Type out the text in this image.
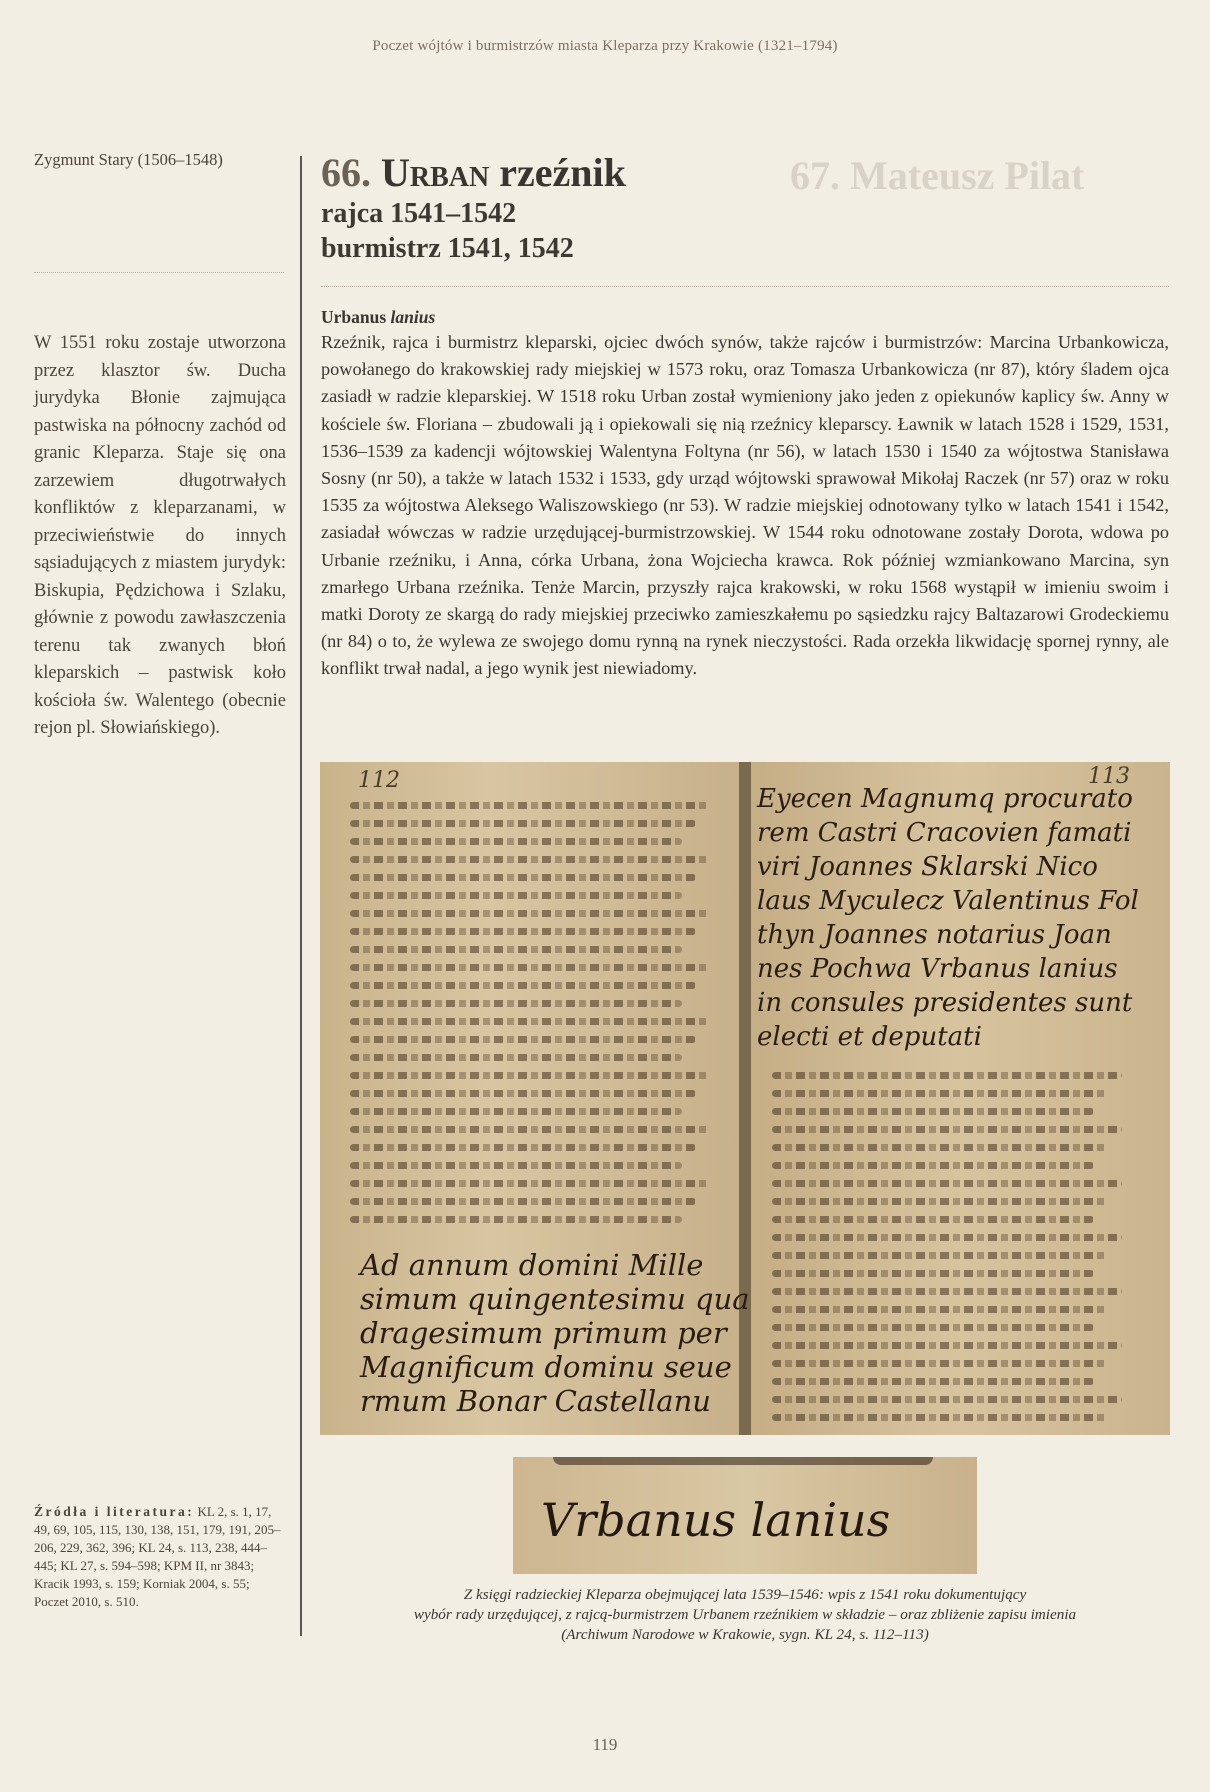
Poczet wójtów i burmistrzów miasta Kleparza przy Krakowie (1321–1794)
67. Mateusz Pilat
Zygmunt Stary (1506–1548)
W 1551 roku zostaje utworzona przez klasztor św. Ducha jurydyka Błonie zajmująca pastwiska na północny zachód od granic Kleparza. Staje się ona zarzewiem długotrwałych konfliktów z kleparzanami, w przeciwieństwie do innych sąsiadujących z miastem jurydyk: Biskupia, Pędzichowa i Szlaku, głównie z powodu zawłaszczenia terenu tak zwanych błoń kleparskich – pastwisk koło kościoła św. Walentego (obecnie rejon pl. Słowiańskiego).
Źródła i literatura: KL 2, s. 1, 17, 49, 69, 105, 115, 130, 138, 151, 179, 191, 205–206, 229, 362, 396; KL 24, s. 113, 238, 444–445; KL 27, s. 594–598; KPM II, nr 3843; Kracik 1993, s. 159; Korniak 2004, s. 55; Poczet 2010, s. 510.
66. Urban rzeźnik
rajca 1541–1542
burmistrz 1541, 1542
Urbanus lanius
Rzeźnik, rajca i burmistrz kleparski, ojciec dwóch synów, także rajców i burmistrzów: Marcina Urbankowicza, powołanego do krakowskiej rady miejskiej w 1573 roku, oraz Tomasza Urbankowicza (nr 87), który śladem ojca zasiadł w radzie kleparskiej. W 1518 roku Urban został wymieniony jako jeden z opiekunów kaplicy św. Anny w kościele św. Floriana – zbudowali ją i opiekowali się nią rzeźnicy kleparscy. Ławnik w latach 1528 i 1529, 1531, 1536–1539 za kadencji wójtowskiej Walentyna Foltyna (nr 56), w latach 1530 i 1540 za wójtostwa Stanisława Sosny (nr 50), a także w latach 1532 i 1533, gdy urząd wójtowski sprawował Mikołaj Raczek (nr 57) oraz w roku 1535 za wójtostwa Aleksego Waliszowskiego (nr 53). W radzie miejskiej odnotowany tylko w latach 1541 i 1542, zasiadał wówczas w radzie urzędującej-burmistrzowskiej. W 1544 roku odnotowane zostały Dorota, wdowa po Urbanie rzeźniku, i Anna, córka Urbana, żona Wojciecha krawca. Rok później wzmiankowano Marcina, syn zmarłego Urbana rzeźnika. Tenże Marcin, przyszły rajca krakowski, w roku 1568 wystąpił w imieniu swoim i matki Doroty ze skargą do rady miejskiej przeciwko zamieszkałemu po sąsiedzku rajcy Baltazarowi Grodeckiemu (nr 84) o to, że wylewa ze swojego domu rynną na rynek nieczystości. Rada orzekła likwidację spornej rynny, ale konflikt trwał nadal, a jego wynik jest niewiadomy.
112	113
Ad annum domini Mille
simum quingentesimu qua
dragesimum primum per
Magnificum dominu seue
rmum Bonar Castellanu
Eyecen Magnumq procurato
rem Castri Cracovien famati
viri Joannes Sklarski Nico
laus Myculecz Valentinus Fol
thyn Joannes notarius Joan
nes Pochwa Vrbanus lanius
in consules presidentes sunt
electi et deputati
Vrbanus lanius
Z księgi radzieckiej Kleparza obejmującej lata 1539–1546: wpis z 1541 roku dokumentujący
wybór rady urzędującej, z rajcą-burmistrzem Urbanem rzeźnikiem w składzie – oraz zbliżenie zapisu imienia
(Archiwum Narodowe w Krakowie, sygn. KL 24, s. 112–113)
119
